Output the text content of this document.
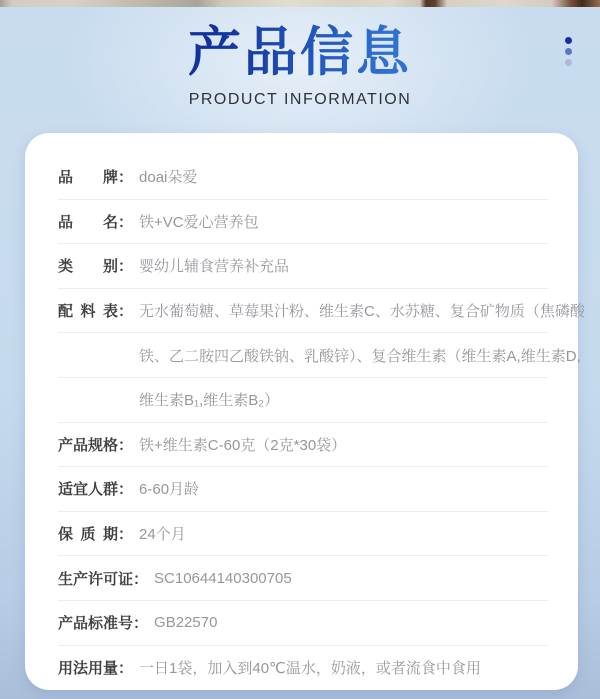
产品信息
PRODUCT INFORMATION
品牌 ： doai朵爱
品名 ： 铁+VC爱心营养包
类别 ： 婴幼儿辅食营养补充品
配料表 ： 无水葡萄糖、草莓果汁粉、维生素C、水苏糖、复合矿物质（焦磷酸
铁、乙二胺四乙酸铁钠、乳酸锌）、复合维生素（维生素A,维生素D,
维生素B₁,维生素B₂）
产品规格 ： 铁+维生素C-60克（2克*30袋）
适宜人群 ： 6-60月龄
保质期 ： 24个月
生产许可证 ： SC10644140300705
产品标准号 ： GB22570
用法用量 ： 一日1袋，加入到40℃温水，奶液，或者流食中食用
